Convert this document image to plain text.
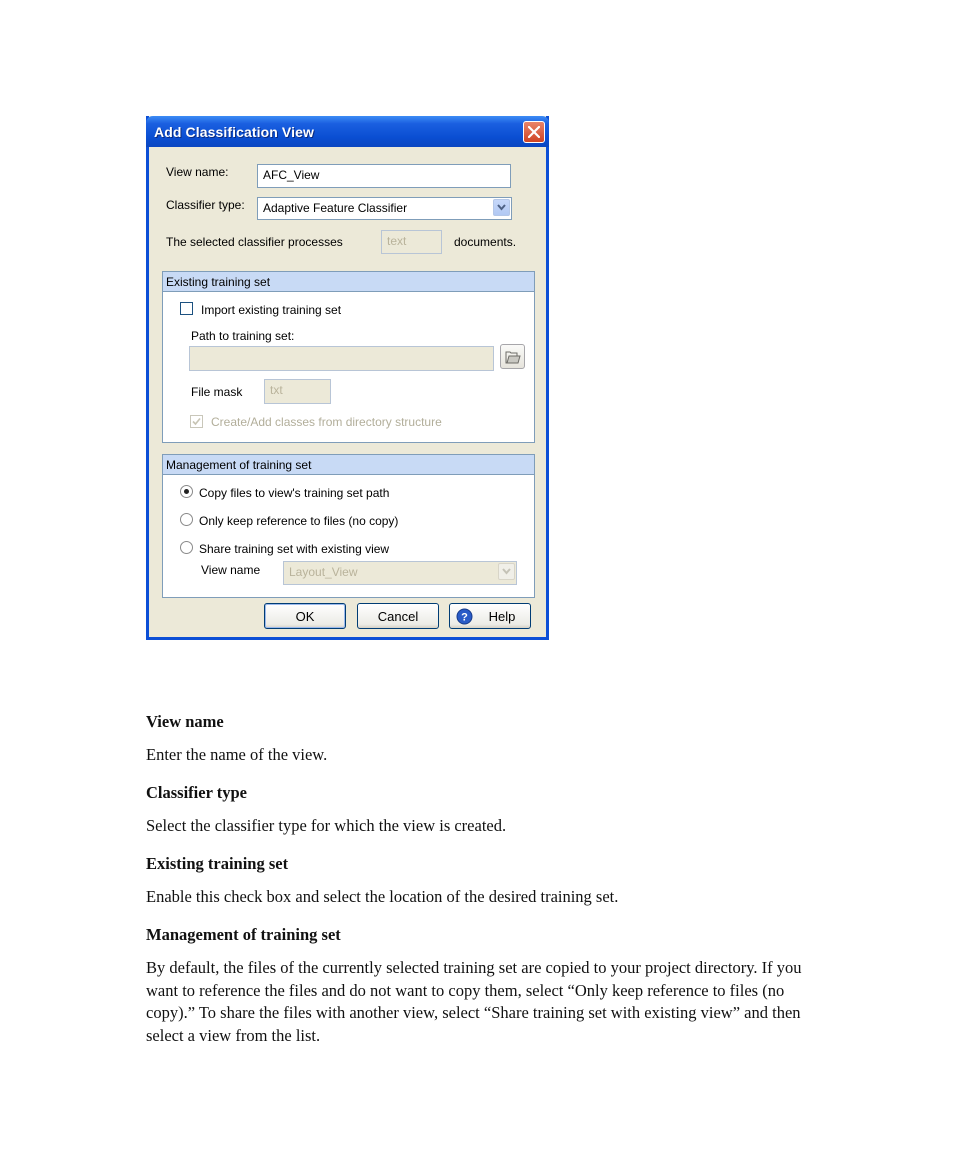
Add Classification View
View name:	AFC_View
Classifier type:	Adaptive Feature Classifier
The selected classifier processes	text	documents.
Existing training set
Import existing training set
Path to training set:
File mask	txt
Create/Add classes from directory structure
Management of training set
Copy files to view's training set path
Only keep reference to files (no copy)
Share training set with existing view
View name	Layout_View
OK	Cancel	? Help
View name
Enter the name of the view.
Classifier type
Select the classifier type for which the view is created.
Existing training set
Enable this check box and select the location of the desired training set.
Management of training set
By default, the files of the currently selected training set are copied to your project directory. If you want to reference the files and do not want to copy them, select “Only keep reference to files (no copy).” To share the files with another view, select “Share training set with existing view” and then select a view from the list.
